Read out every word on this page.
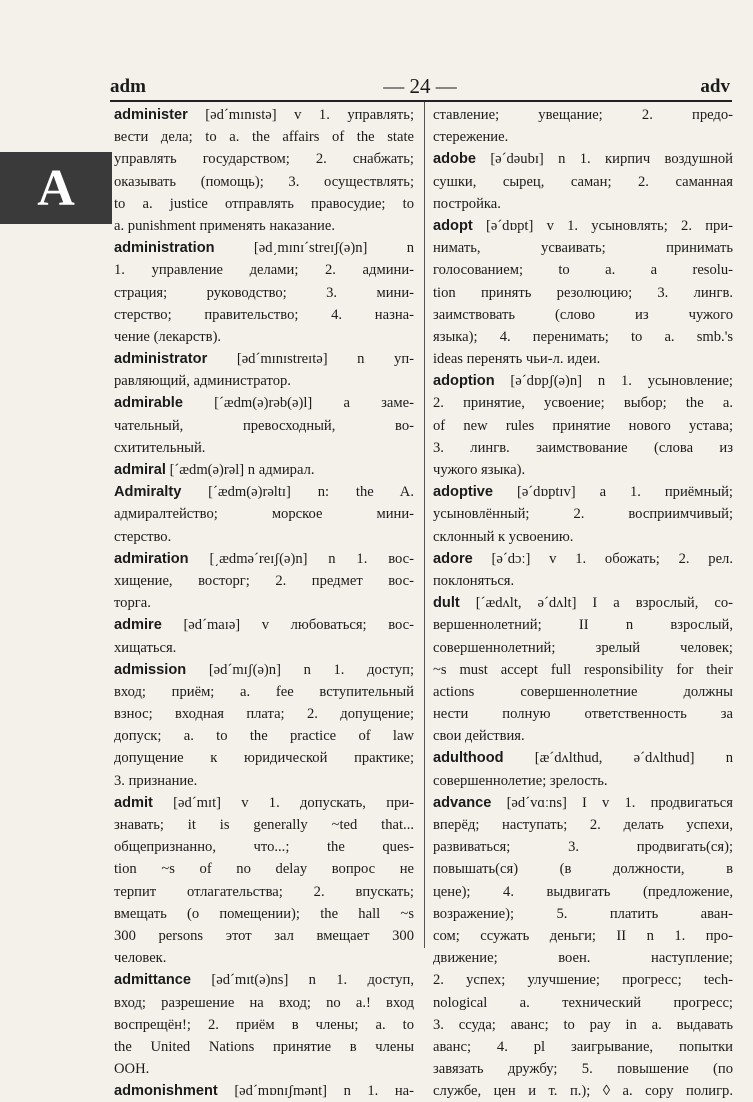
adm	— 24 —	adv
A
administer [əd´mɪnɪstə] v 1. управлять;
вести дела; to a. the affairs of the state
управлять государством; 2. снабжать;
оказывать (помощь); 3. осуществлять;
to a. justice отправлять правосудие; to
a. punishment применять наказание.
administration [əd͵mɪnɪ´streɪʃ(ə)n] n
1. управление делами; 2. админи-
страция; руководство; 3. мини-
стерство; правительство; 4. назна-
чение (лекарств).
administrator [əd´mɪnɪstreɪtə] n уп-
равляющий, администратор.
admirable [´ædm(ə)rəb(ə)l] a заме-
чательный, превосходный, во-
схитительный.
admiral [´ædm(ə)rəl] n адмирал.
Admiralty [´ædm(ə)rəltɪ] n: the A.
адмиралтейство; морское мини-
стерство.
admiration [͵ædmə´reɪʃ(ə)n] n 1. вос-
хищение, восторг; 2. предмет вос-
торга.
admire [əd´maɪə] v любоваться; вос-
хищаться.
admission [əd´mɪʃ(ə)n] n 1. доступ;
вход; приём; a. fee вступительный
взнос; входная плата; 2. допущение;
допуск; a. to the practice of law
допущение к юридической практике;
3. признание.
admit [əd´mɪt] v 1. допускать, при-
знавать; it is generally ~ted that...
общепризнанно, что...; the ques-
tion ~s of no delay вопрос не
терпит отлагательства; 2. впускать;
вмещать (о помещении); the hall ~s
300 persons этот зал вмещает 300
человек.
admittance [əd´mɪt(ə)ns] n 1. доступ,
вход; разрешение на вход; no a.! вход
воспрещён!; 2. приём в члены; a. to
the United Nations принятие в члены
ООН.
admonishment [əd´mɒnɪʃmənt] n 1. на-
ставление; увещание; 2. предо-
стережение.
adobe [ə´dəubɪ] n 1. кирпич воздушной
сушки, сырец, саман; 2. саманная
постройка.
adopt [ə´dɒpt] v 1. усыновлять; 2. при-
нимать, усваивать; принимать
голосованием; to a. a resolu-
tion принять резолюцию; 3. лингв.
заимствовать (слово из чужого
языка); 4. перенимать; to a. smb.'s
ideas перенять чьи-л. идеи.
adoption [ə´dɒpʃ(ə)n] n 1. усыновление;
2. принятие, усвоение; выбор; the a.
of new rules принятие нового устава;
3. лингв. заимствование (слова из
чужого языка).
adoptive [ə´dɒptɪv] a 1. приёмный;
усыновлённый; 2. восприимчивый;
склонный к усвоению.
adore [ə´dɔː] v 1. обожать; 2. рел.
поклоняться.
dult [´ædʌlt, ə´dʌlt] I a взрослый, со-
вершеннолетний; II n взрослый,
совершеннолетний; зрелый человек;
~s must accept full responsibility for their
actions совершеннолетние должны
нести полную ответственность за
свои действия.
adulthood [æ´dʌlthud, ə´dʌlthud] n
совершеннолетие; зрелость.
advance [əd´vɑːns] I v 1. продвигаться
вперёд; наступать; 2. делать успехи,
развиваться; 3. продвигать(ся);
повышать(ся) (в должности, в
цене); 4. выдвигать (предложение,
возражение); 5. платить аван-
сом; ссужать деньги; II n 1. про-
движение; воен. наступление;
2. успех; улучшение; прогресс; tech-
nological a. технический прогресс;
3. ссуда; аванс; to pay in a. выдавать
аванс; 4. pl заигрывание, попытки
завязать дружбу; 5. повышение (по
службе, цен и т. п.); ◊ a. copy полигр.
